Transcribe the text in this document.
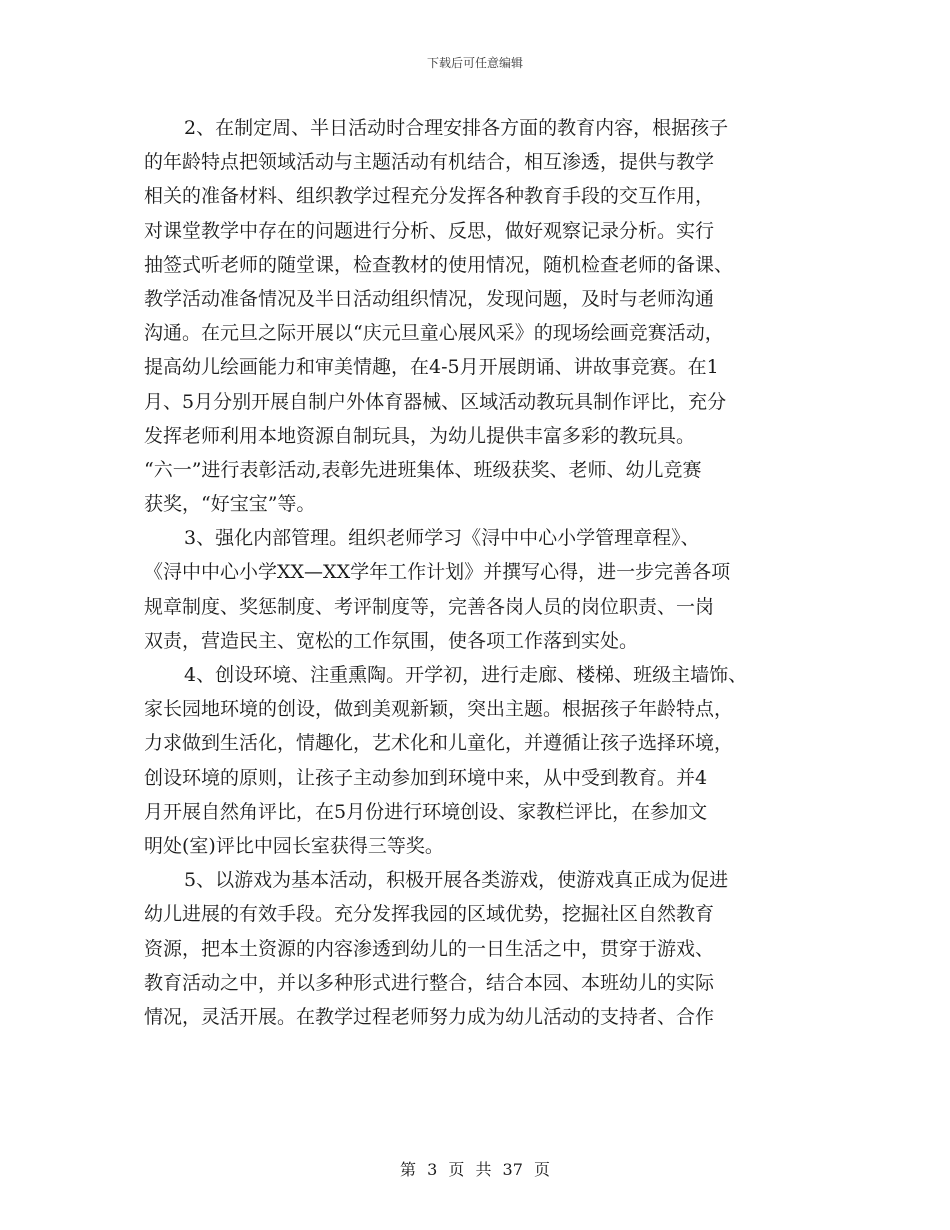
下载后可任意编辑
2、在制定周、半日活动时合理安排各方面的教育内容，根据孩子
的年龄特点把领域活动与主题活动有机结合，相互渗透，提供与教学
相关的准备材料、组织教学过程充分发挥各种教育手段的交互作用，
对课堂教学中存在的问题进行分析、反思，做好观察记录分析。实行
抽签式听老师的随堂课，检查教材的使用情况，随机检查老师的备课、
教学活动准备情况及半日活动组织情况，发现问题，及时与老师沟通
沟通。在元旦之际开展以“庆元旦童心展风采》的现场绘画竞赛活动，
提高幼儿绘画能力和审美情趣，在4-5月开展朗诵、讲故事竞赛。在1
月、5月分别开展自制户外体育器械、区域活动教玩具制作评比，充分
发挥老师利用本地资源自制玩具，为幼儿提供丰富多彩的教玩具。
“六一”进行表彰活动,表彰先进班集体、班级获奖、老师、幼儿竞赛
获奖，“好宝宝”等。
3、强化内部管理。组织老师学习《浔中中心小学管理章程》、
《浔中中心小学XX—XX学年工作计划》并撰写心得，进一步完善各项
规章制度、奖惩制度、考评制度等，完善各岗人员的岗位职责、一岗
双责，营造民主、宽松的工作氛围，使各项工作落到实处。
4、创设环境、注重熏陶。开学初，进行走廊、楼梯、班级主墙饰、
家长园地环境的创设，做到美观新颖，突出主题。根据孩子年龄特点，
力求做到生活化，情趣化，艺术化和儿童化，并遵循让孩子选择环境，
创设环境的原则，让孩子主动参加到环境中来，从中受到教育。并4
月开展自然角评比，在5月份进行环境创设、家教栏评比，在参加文
明处(室)评比中园长室获得三等奖。
5、以游戏为基本活动，积极开展各类游戏，使游戏真正成为促进
幼儿进展的有效手段。充分发挥我园的区域优势，挖掘社区自然教育
资源，把本土资源的内容渗透到幼儿的一日生活之中，贯穿于游戏、
教育活动之中，并以多种形式进行整合，结合本园、本班幼儿的实际
情况，灵活开展。在教学过程老师努力成为幼儿活动的支持者、合作
第 3 页 共 37 页
